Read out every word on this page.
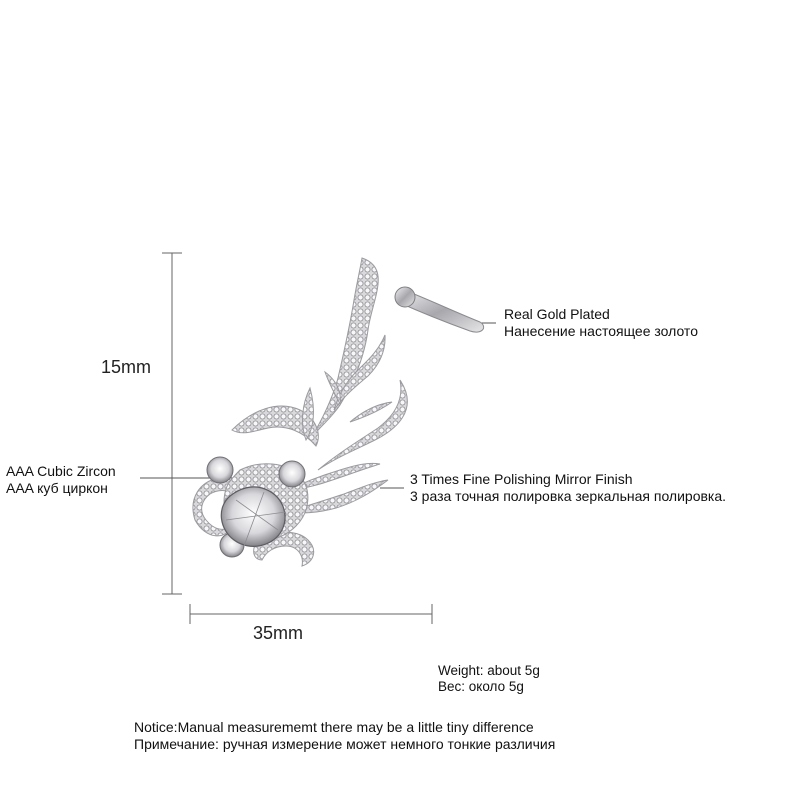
15mm
35mm
Real Gold Plated
Нанесение настоящее золото
AAA Cubic Zircon
AAA куб циркон
3 Times Fine Polishing Mirror Finish
3 раза точная полировка зеркальная полировка.
Weight: about 5g
Вес: около 5g
Notice:Manual measurememt there may be a little tiny difference
Примечание: ручная измерение может немного тонкие различия
